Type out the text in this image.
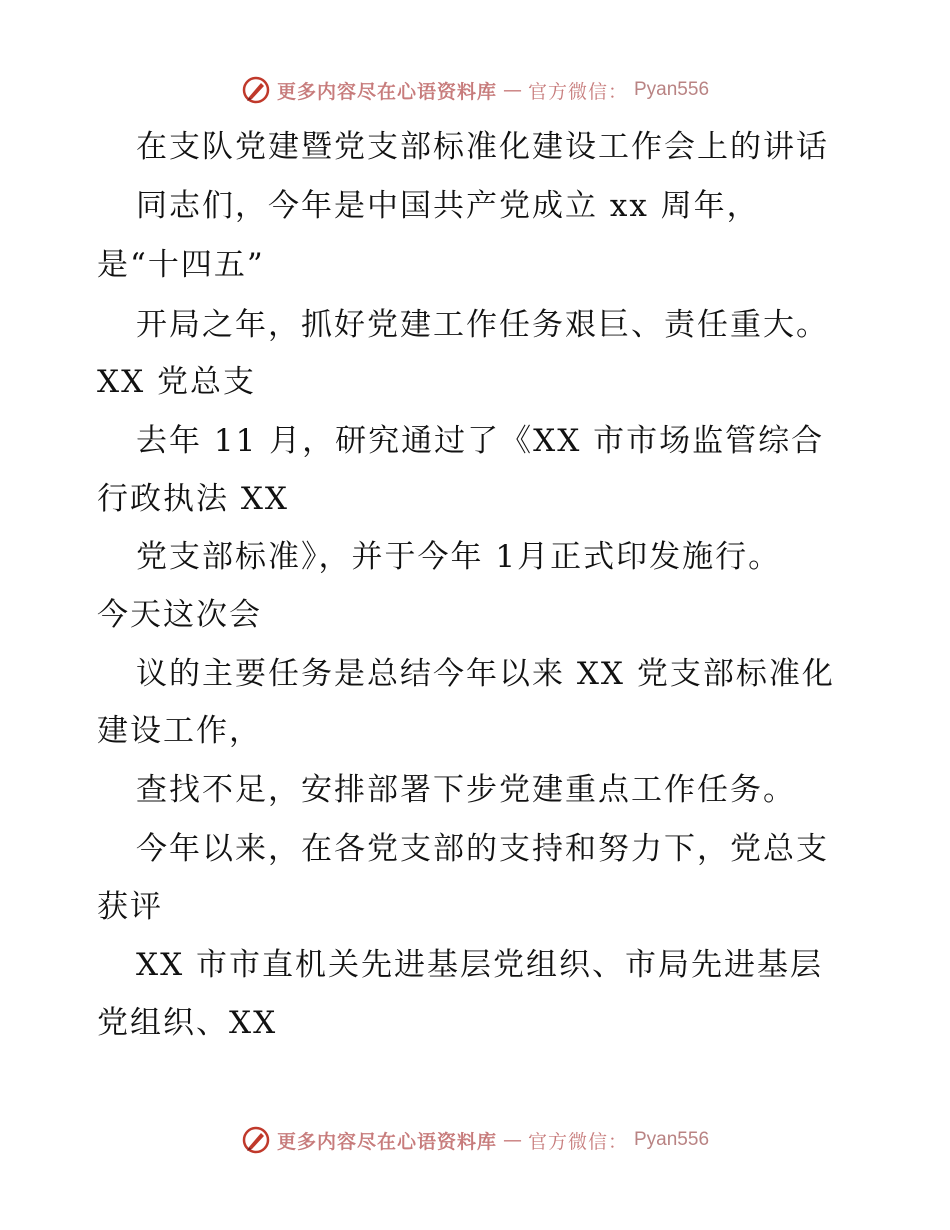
更多内容尽在心语资料库 — 官方微信： Pyan556
在支队党建暨党支部标准化建设工作会上的讲话
同志们，今年是中国共产党成立 xx 周年，
是“十四五”
开局之年，抓好党建工作任务艰巨、责任重大。
XX 党总支
去年 11 月，研究通过了《XX 市市场监管综合
行政执法 XX
党支部标准》，并于今年 1月正式印发施行。
今天这次会
议的主要任务是总结今年以来 XX 党支部标准化
建设工作，
查找不足，安排部署下步党建重点工作任务。
今年以来，在各党支部的支持和努力下，党总支
获评
XX 市市直机关先进基层党组织、市局先进基层
党组织、XX
更多内容尽在心语资料库 — 官方微信： Pyan556
